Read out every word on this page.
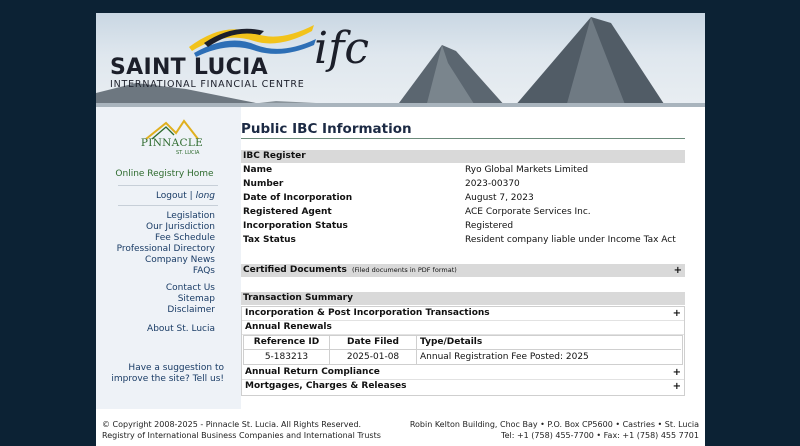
SAINT LUCIA
INTERNATIONAL FINANCIAL CENTRE
ifc
PINNACLE
ST. LUCIA
Online Registry Home
Logout | long
Legislation
Our Jurisdiction
Fee Schedule
Professional Directory
Company News
FAQs
Contact Us
Sitemap
Disclaimer
About St. Lucia
Have a suggestion to
improve the site? Tell us!
Public IBC Information
IBC Register
Name	Ryo Global Markets Limited
Number	2023-00370
Date of Incorporation	August 7, 2023
Registered Agent	ACE Corporate Services Inc.
Incorporation Status	Registered
Tax Status	Resident company liable under Income Tax Act
Certified Documents (Filed documents in PDF format)	+
Transaction Summary
Incorporation & Post Incorporation Transactions	+
Annual Renewals
Reference ID	Date Filed	Type/Details
5-183213	2025-01-08	Annual Registration Fee Posted: 2025
Annual Return Compliance	+
Mortgages, Charges & Releases	+
© Copyright 2008-2025 - Pinnacle St. Lucia. All Rights Reserved.
Registry of International Business Companies and International Trusts
Robin Kelton Building, Choc Bay • P.O. Box CP5600 • Castries • St. Lucia
Tel: +1 (758) 455-7700 • Fax: +1 (758) 455 7701
